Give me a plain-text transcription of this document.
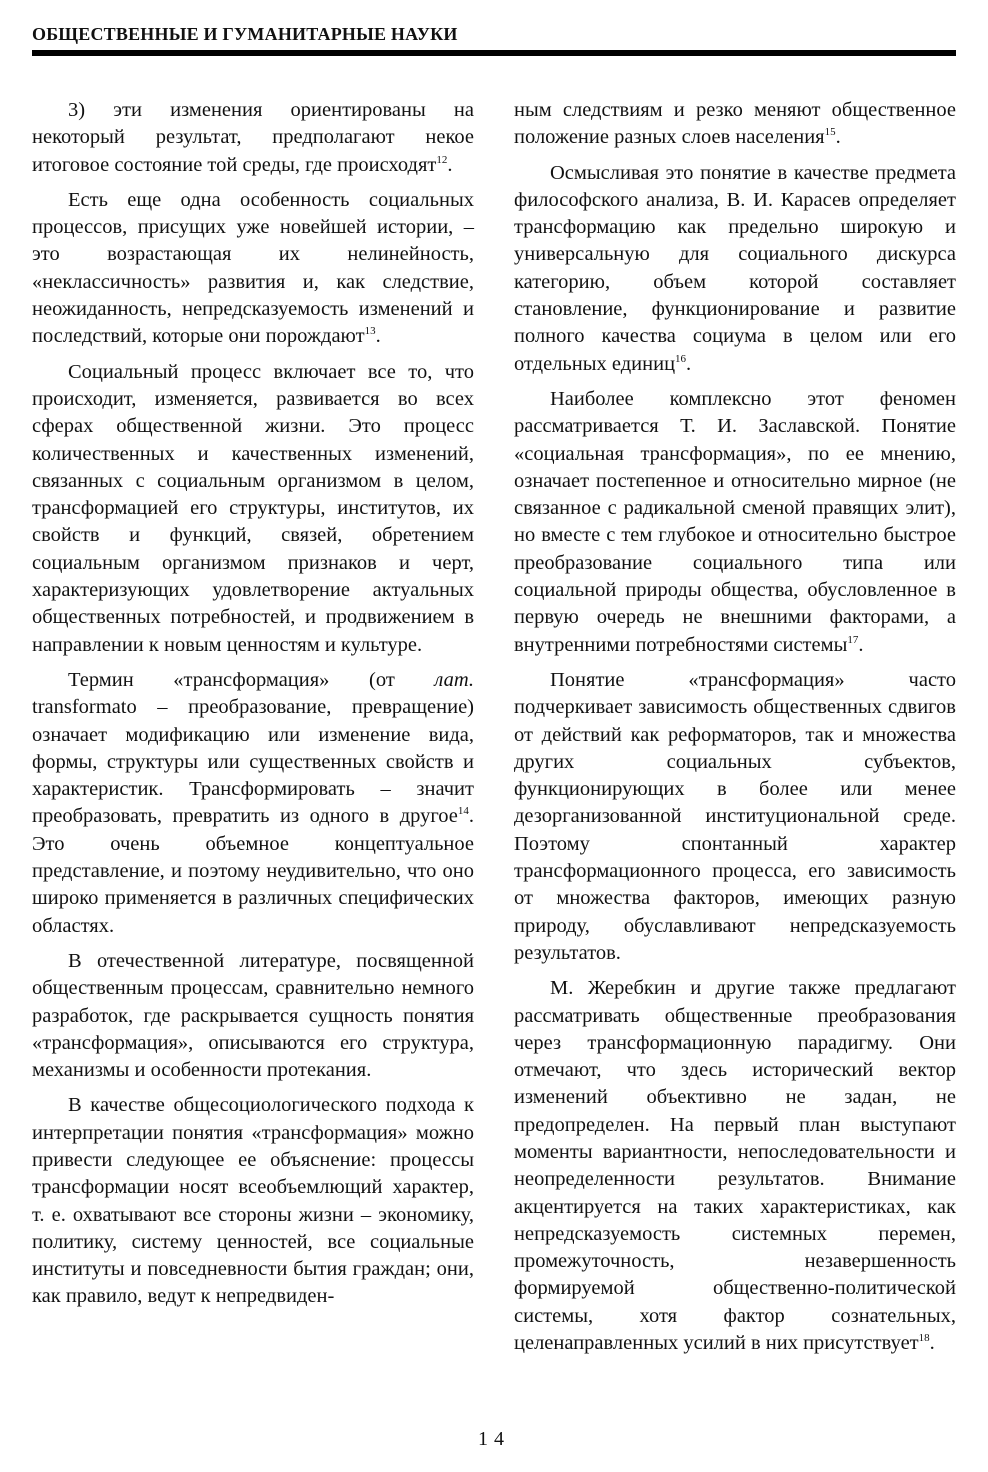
ОБЩЕСТВЕННЫЕ И ГУМАНИТАРНЫЕ НАУКИ

3) эти изменения ориентированы на некоторый результат, предполагают некое итоговое состояние той среды, где происходят$^{12}$.

Есть еще одна особенность социальных процессов, присущих уже новейшей истории, – это возрастающая их нелинейность, «неклассичность» развития и, как следствие, неожиданность, непредсказуемость изменений и последствий, которые они порождают$^{13}$.

Социальный процесс включает все то, что происходит, изменяется, развивается во всех сферах общественной жизни. Это процесс количественных и качественных изменений, связанных с социальным организмом в целом, трансформацией его структуры, институтов, их свойств и функций, связей, обретением социальным организмом признаков и черт, характеризующих удовлетворение актуальных общественных потребностей, и продвижением в направлении к новым ценностям и культуре.

Термин «трансформация» (от лат. transformato – преобразование, превращение) означает модификацию или изменение вида, формы, структуры или существенных свойств и характеристик. Трансформировать – значит преобразовать, превратить из одного в другое$^{14}$. Это очень объемное концептуальное представление, и поэтому неудивительно, что оно широко применяется в различных специфических областях.

В отечественной литературе, посвященной общественным процессам, сравнительно немного разработок, где раскрывается сущность понятия «трансформация», описываются его структура, механизмы и особенности протекания.

В качестве общесоциологического подхода к интерпретации понятия «трансформация» можно привести следующее ее объяснение: процессы трансформации носят всеобъемлющий характер, т. е. охватывают все стороны жизни – экономику, политику, систему ценностей, все социальные институты и повседневности бытия граждан; они, как правило, ведут к непредвиден-

ным следствиям и резко меняют общественное положение разных слоев населения$^{15}$.

Осмысливая это понятие в качестве предмета философского анализа, В. И. Карасев определяет трансформацию как предельно широкую и универсальную для социального дискурса категорию, объем которой составляет становление, функционирование и развитие полного качества социума в целом или его отдельных единиц$^{16}$.

Наиболее комплексно этот феномен рассматривается Т. И. Заславской. Понятие «социальная трансформация», по ее мнению, означает постепенное и относительно мирное (не связанное с радикальной сменой правящих элит), но вместе с тем глубокое и относительно быстрое преобразование социального типа или социальной природы общества, обусловленное в первую очередь не внешними факторами, а внутренними потребностями системы$^{17}$.

Понятие «трансформация» часто подчеркивает зависимость общественных сдвигов от действий как реформаторов, так и множества других социальных субъектов, функционирующих в более или менее дезорганизованной институциональной среде. Поэтому спонтанный характер трансформационного процесса, его зависимость от множества факторов, имеющих разную природу, обуславливают непредсказуемость результатов.

М. Жеребкин и другие также предлагают рассматривать общественные преобразования через трансформационную парадигму. Они отмечают, что здесь исторический вектор изменений объективно не задан, не предопределен. На первый план выступают моменты вариантности, непоследовательности и неопределенности результатов. Внимание акцентируется на таких характеристиках, как непредсказуемость системных перемен, промежуточность, незавершенность формируемой общественно-политической системы, хотя фактор сознательных, целенаправленных усилий в них присутствует$^{18}$.

14
